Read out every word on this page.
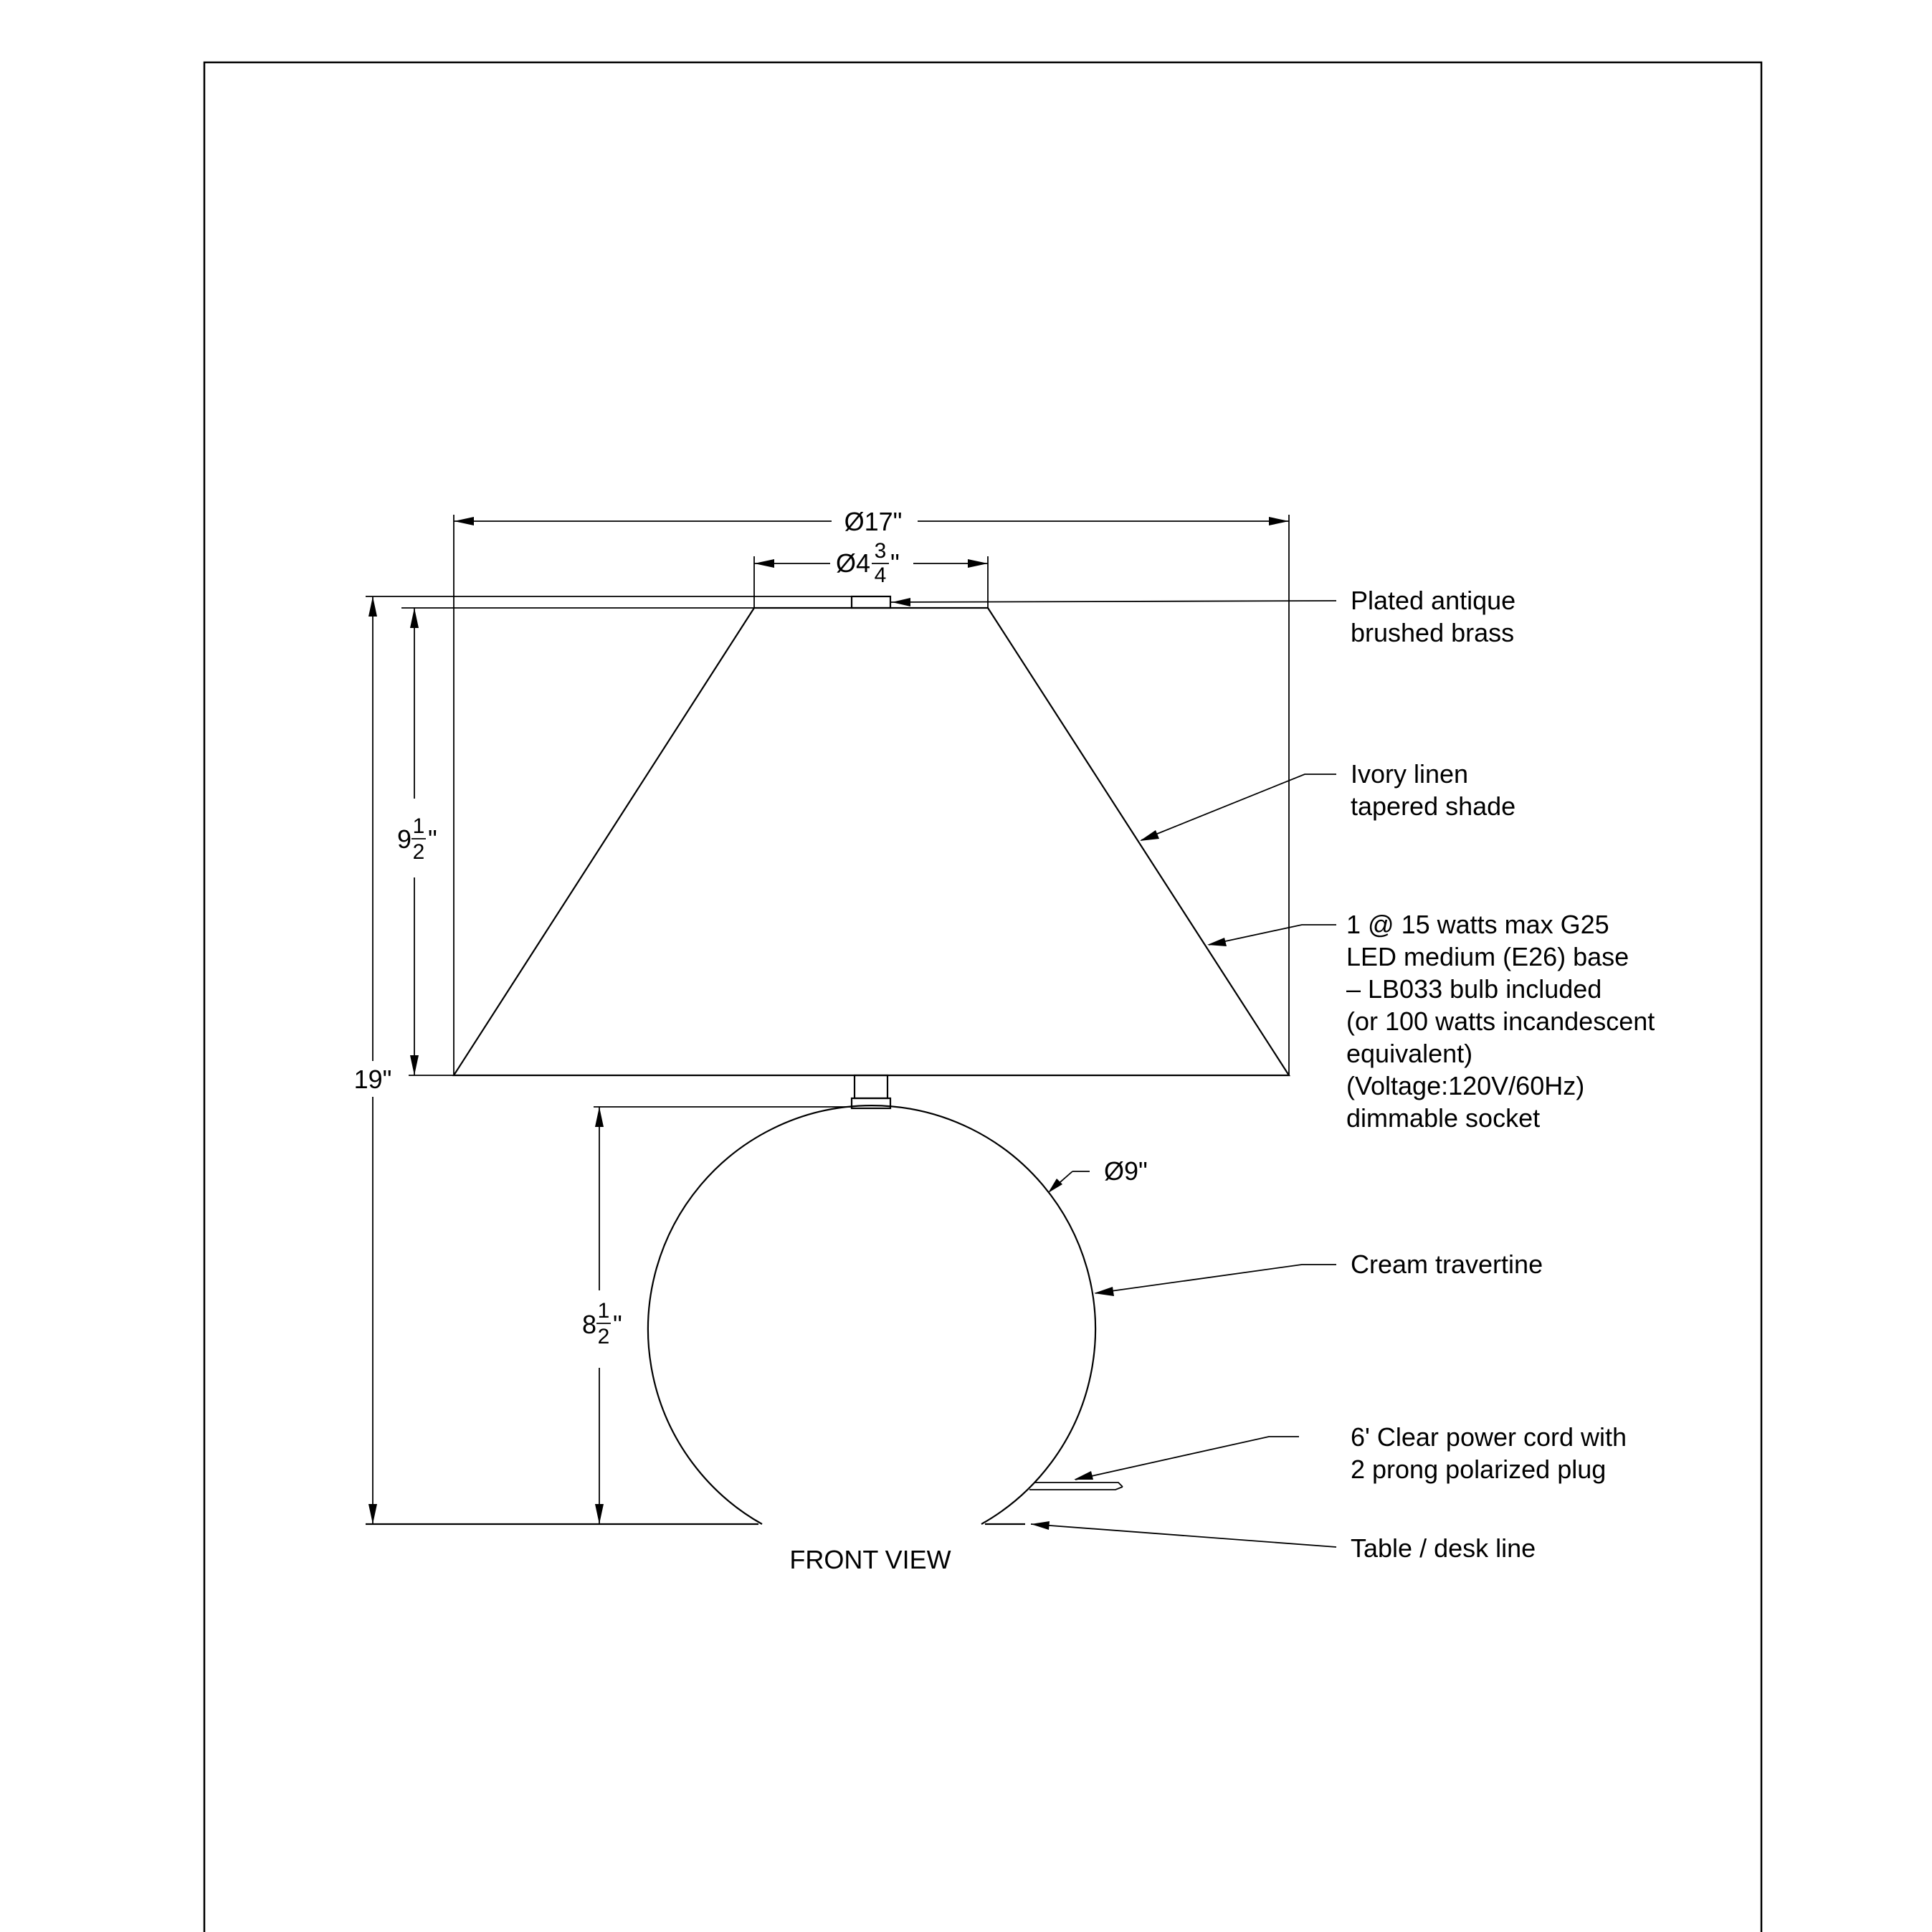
Ø17"
Ø4 3
4 "
19"
9 1
2 "
8 1
2 "
Ø9"
Plated antique
brushed brass
Ivory linen
tapered shade
1 @ 15 watts max G25
LED medium (E26) base
– LB033 bulb included
(or 100 watts incandescent
equivalent)
(Voltage:120V/60Hz)
dimmable socket
Cream travertine
6' Clear power cord with
2 prong polarized plug
Table / desk line
FRONT VIEW
